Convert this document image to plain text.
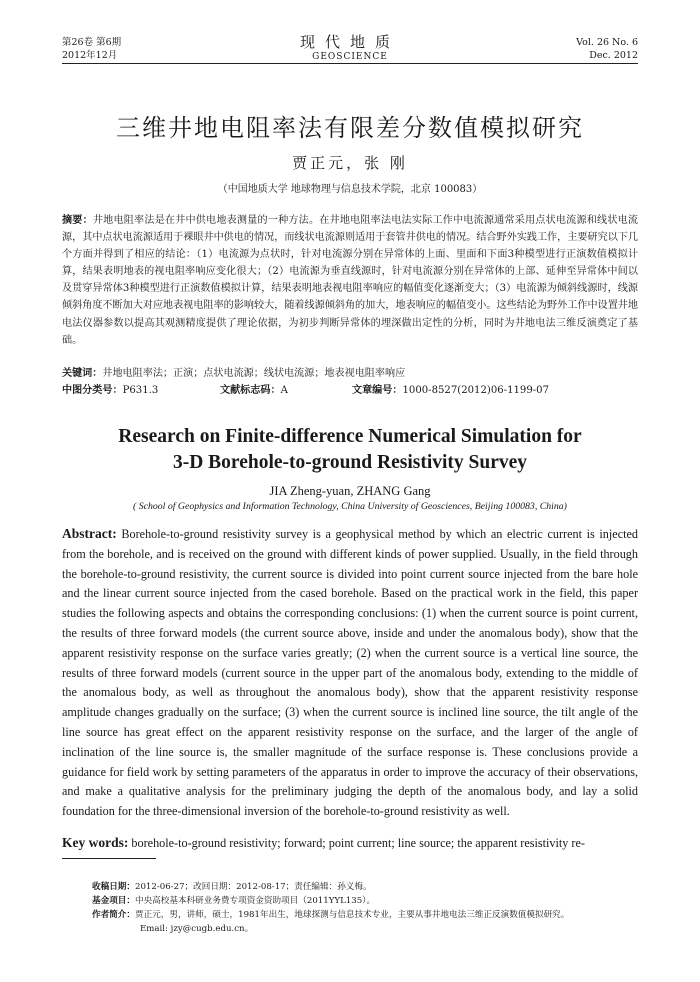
第26卷 第6期
2012年12月
现代地质
GEOSCIENCE
Vol. 26 No. 6
Dec. 2012
三维井地电阻率法有限差分数值模拟研究
贾正元，张 刚
（中国地质大学 地球物理与信息技术学院，北京 100083）
摘要：井地电阻率法是在井中供电地表测量的一种方法。在井地电阻率法电法实际工作中电流源通常采用点状电流源和线状电流源，其中点状电流源适用于裸眼井中供电的情况，而线状电流源则适用于套管井供电的情况。结合野外实践工作，主要研究以下几个方面并得到了相应的结论：（1）电流源为点状时，针对电流源分别在异常体的上面、里面和下面3种模型进行正演数值模拟计算，结果表明地表的视电阻率响应变化很大；（2）电流源为垂直线源时，针对电流源分别在异常体的上部、延伸至异常体中间以及贯穿异常体3种模型进行正演数值模拟计算，结果表明地表视电阻率响应的幅值变化逐渐变大；（3）电流源为倾斜线源时，线源倾斜角度不断加大对应地表视电阻率的影响较大，随着线源倾斜角的加大，地表响应的幅值变小。这些结论为野外工作中设置井地电法仪器参数以提高其观测精度提供了理论依据，为初步判断异常体的埋深做出定性的分析，同时为井地电法三维反演奠定了基础。
关键词：井地电阻率法；正演；点状电流源；线状电流源；地表视电阻率响应
中图分类号：P631.3	文献标志码：A	文章编号：1000-8527(2012)06-1199-07
Research on Finite-difference Numerical Simulation for
3-D Borehole-to-ground Resistivity Survey
JIA Zheng-yuan, ZHANG Gang
( School of Geophysics and Information Technology, China University of Geosciences, Beijing 100083, China)
Abstract: Borehole-to-ground resistivity survey is a geophysical method by which an electric current is injected from the borehole, and is received on the ground with different kinds of power supplied. Usually, in the field through the borehole-to-ground resistivity, the current source is divided into point current source injected from the bare hole and the linear current source injected from the cased borehole. Based on the practical work in the field, this paper studies the following aspects and obtains the corresponding conclusions: (1) when the current source is point current, the results of three forward models (the current source above, inside and under the anomalous body), show that the apparent resistivity response on the surface varies greatly; (2) when the current source is a vertical line source, the results of three forward models (current source in the upper part of the anomalous body, extending to the middle of the anomalous body, as well as throughout the anomalous body), show that the apparent resistivity response amplitude changes gradually on the surface; (3) when the current source is inclined line source, the tilt angle of the line source has great effect on the apparent resistivity response on the surface, and the larger of the angle of inclination of the line source is, the smaller magnitude of the surface response is. These conclusions provide a guidance for field work by setting parameters of the apparatus in order to improve the accuracy of their observations, and make a qualitative analysis for the preliminary judging the depth of the anomalous body, and lay a solid foundation for the three-dimensional inversion of the borehole-to-ground resistivity as well.
Key words: borehole-to-ground resistivity; forward; point current; line source; the apparent resistivity re-
收稿日期：2012-06-27；改回日期：2012-08-17；责任编辑：孙义梅。
基金项目：中央高校基本科研业务费专项资金资助项目（2011YYL135）。
作者简介：贾正元，男，讲师，硕士，1981年出生，地球探测与信息技术专业，主要从事井地电法三维正反演数值模拟研究。
Email: jzy@cugb.edu.cn。
